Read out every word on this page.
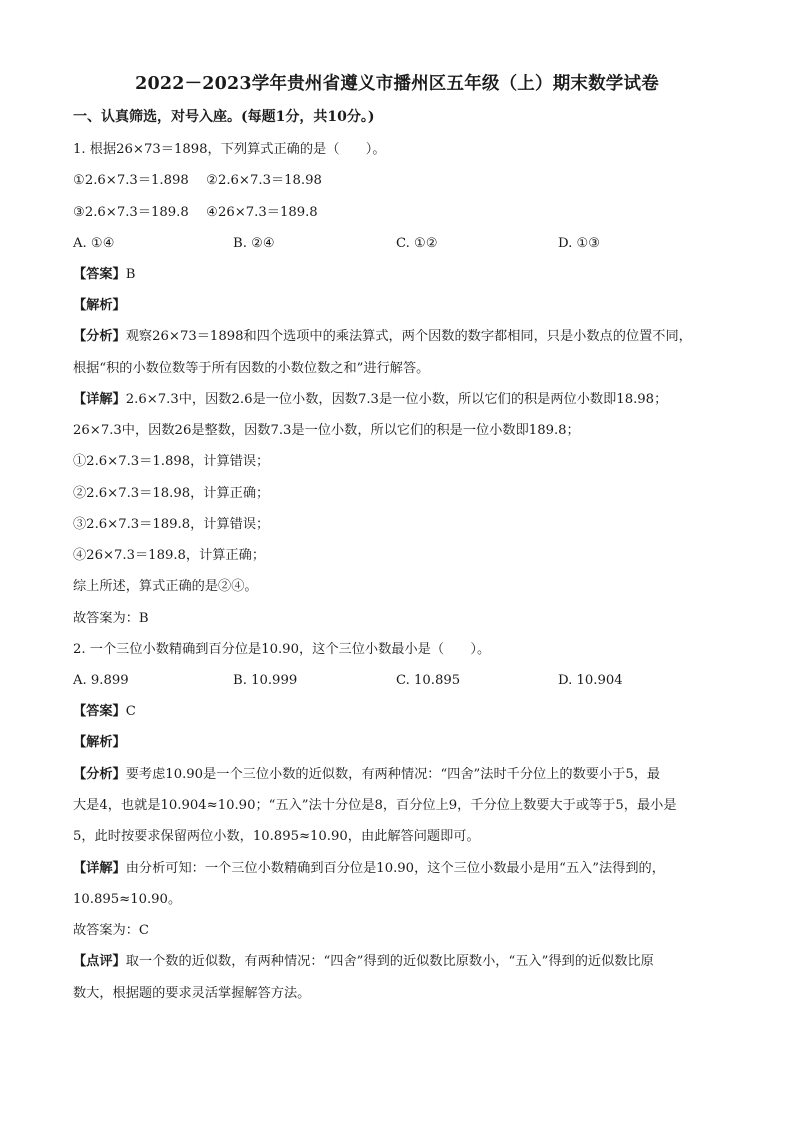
2022－2023学年贵州省遵义市播州区五年级（上）期末数学试卷
一、认真筛选，对号入座。(每题1分，共10分。)
1. 根据26×73＝1898，下列算式正确的是（　　）。
①2.6×7.3＝1.898　 ②2.6×7.3＝18.98
③2.6×7.3＝189.8　 ④26×7.3＝189.8
A. ①④	B. ②④	C. ①②	D. ①③
【答案】B
【解析】
【分析】观察26×73＝1898和四个选项中的乘法算式，两个因数的数字都相同，只是小数点的位置不同，
根据“积的小数位数等于所有因数的小数位数之和”进行解答。
【详解】2.6×7.3中，因数2.6是一位小数，因数7.3是一位小数，所以它们的积是两位小数即18.98；
26×7.3中，因数26是整数，因数7.3是一位小数，所以它们的积是一位小数即189.8；
①2.6×7.3＝1.898，计算错误；
②2.6×7.3＝18.98，计算正确；
③2.6×7.3＝189.8，计算错误；
④26×7.3＝189.8，计算正确；
综上所述，算式正确的是②④。
故答案为：B
2. 一个三位小数精确到百分位是10.90，这个三位小数最小是（　　）。
A. 9.899	B. 10.999	C. 10.895	D. 10.904
【答案】C
【解析】
【分析】要考虑10.90是一个三位小数的近似数，有两种情况：“四舍”法时千分位上的数要小于5，最
大是4，也就是10.904≈10.90；“五入”法十分位是8，百分位上9，千分位上数要大于或等于5，最小是
5，此时按要求保留两位小数，10.895≈10.90，由此解答问题即可。
【详解】由分析可知：一个三位小数精确到百分位是10.90，这个三位小数最小是用“五入”法得到的，
10.895≈10.90。
故答案为：C
【点评】取一个数的近似数，有两种情况：“四舍”得到的近似数比原数小，“五入”得到的近似数比原
数大，根据题的要求灵活掌握解答方法。
